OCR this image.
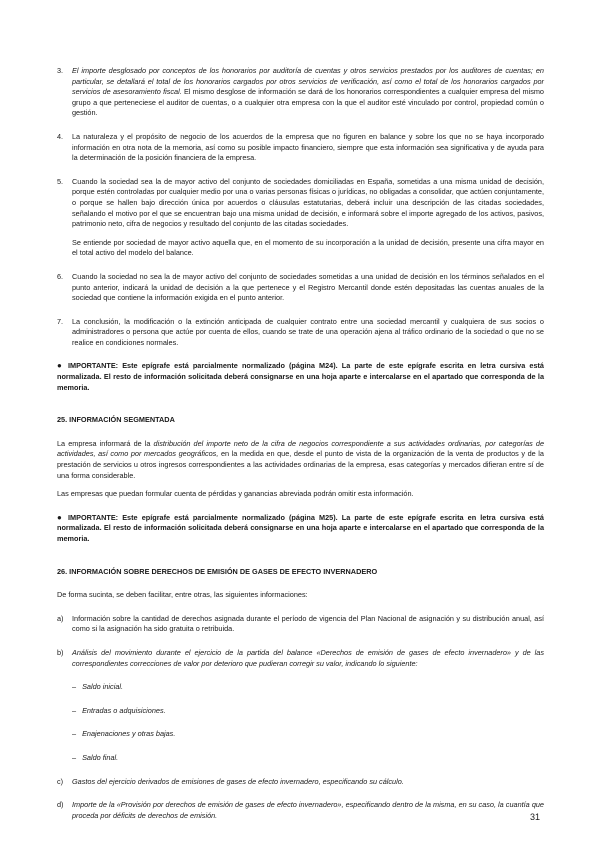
3. El importe desglosado por conceptos de los honorarios por auditoría de cuentas y otros servicios prestados por los auditores de cuentas; en particular, se detallará el total de los honorarios cargados por otros servicios de verificación, así como el total de los honorarios cargados por servicios de asesoramiento fiscal. El mismo desglose de información se dará de los honorarios correspondientes a cualquier empresa del mismo grupo a que perteneciese el auditor de cuentas, o a cualquier otra empresa con la que el auditor esté vinculado por control, propiedad común o gestión.
4. La naturaleza y el propósito de negocio de los acuerdos de la empresa que no figuren en balance y sobre los que no se haya incorporado información en otra nota de la memoria, así como su posible impacto financiero, siempre que esta información sea significativa y de ayuda para la determinación de la posición financiera de la empresa.
5. Cuando la sociedad sea la de mayor activo del conjunto de sociedades domiciliadas en España, sometidas a una misma unidad de decisión, porque estén controladas por cualquier medio por una o varias personas físicas o jurídicas, no obligadas a consolidar, que actúen conjuntamente, o porque se hallen bajo dirección única por acuerdos o cláusulas estatutarias, deberá incluir una descripción de las citadas sociedades, señalando el motivo por el que se encuentran bajo una misma unidad de decisión, e informará sobre el importe agregado de los activos, pasivos, patrimonio neto, cifra de negocios y resultado del conjunto de las citadas sociedades.
Se entiende por sociedad de mayor activo aquella que, en el momento de su incorporación a la unidad de decisión, presente una cifra mayor en el total activo del modelo del balance.
6. Cuando la sociedad no sea la de mayor activo del conjunto de sociedades sometidas a una unidad de decisión en los términos señalados en el punto anterior, indicará la unidad de decisión a la que pertenece y el Registro Mercantil donde estén depositadas las cuentas anuales de la sociedad que contiene la información exigida en el punto anterior.
7. La conclusión, la modificación o la extinción anticipada de cualquier contrato entre una sociedad mercantil y cualquiera de sus socios o administradores o persona que actúe por cuenta de ellos, cuando se trate de una operación ajena al tráfico ordinario de la sociedad o que no se realice en condiciones normales.
● IMPORTANTE: Este epígrafe está parcialmente normalizado (página M24). La parte de este epígrafe escrita en letra cursiva está normalizada. El resto de información solicitada deberá consignarse en una hoja aparte e intercalarse en el apartado que corresponda de la memoria.
25. INFORMACIÓN SEGMENTADA
La empresa informará de la distribución del importe neto de la cifra de negocios correspondiente a sus actividades ordinarias, por categorías de actividades, así como por mercados geográficos, en la medida en que, desde el punto de vista de la organización de la venta de productos y de la prestación de servicios u otros ingresos correspondientes a las actividades ordinarias de la empresa, esas categorías y mercados difieran entre sí de una forma considerable.
Las empresas que puedan formular cuenta de pérdidas y ganancias abreviada podrán omitir esta información.
● IMPORTANTE: Este epígrafe está parcialmente normalizado (página M25). La parte de este epígrafe escrita en letra cursiva está normalizada. El resto de información solicitada deberá consignarse en una hoja aparte e intercalarse en el apartado que corresponda de la memoria.
26. INFORMACIÓN SOBRE DERECHOS DE EMISIÓN DE GASES DE EFECTO INVERNADERO
De forma sucinta, se deben facilitar, entre otras, las siguientes informaciones:
a) Información sobre la cantidad de derechos asignada durante el período de vigencia del Plan Nacional de asignación y su distribución anual, así como si la asignación ha sido gratuita o retribuida.
b) Análisis del movimiento durante el ejercicio de la partida del balance «Derechos de emisión de gases de efecto invernadero» y de las correspondientes correcciones de valor por deterioro que pudieran corregir su valor, indicando lo siguiente:
– Saldo inicial.
– Entradas o adquisiciones.
– Enajenaciones y otras bajas.
– Saldo final.
c) Gastos del ejercicio derivados de emisiones de gases de efecto invernadero, especificando su cálculo.
d) Importe de la «Provisión por derechos de emisión de gases de efecto invernadero», especificando dentro de la misma, en su caso, la cuantía que proceda por déficits de derechos de emisión.	31
